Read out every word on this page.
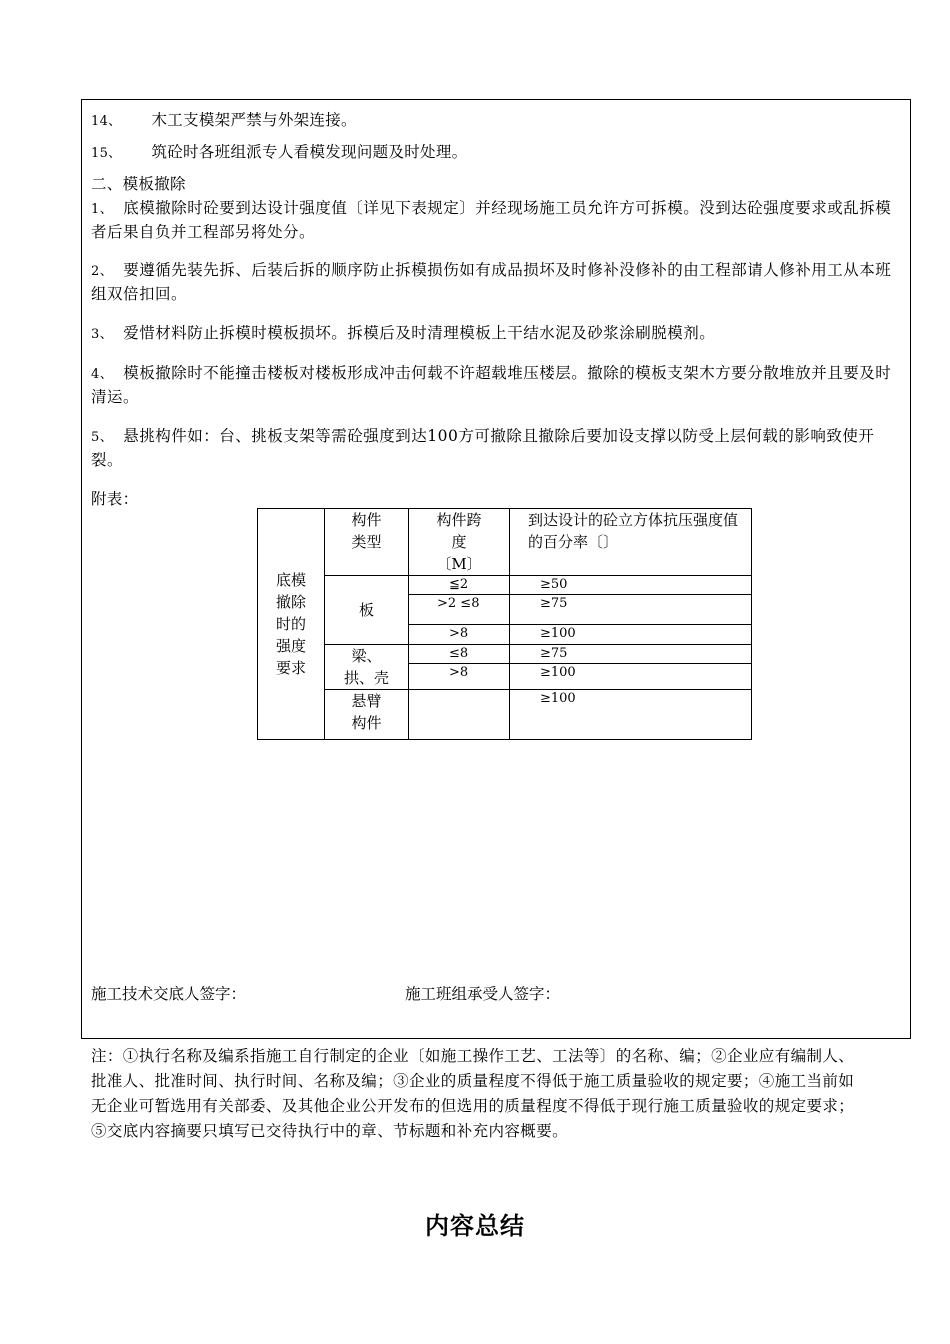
14、 木工支模架严禁与外架连接。
15、 筑砼时各班组派专人看模发现问题及时处理。
二、模板撤除
1、 底模撤除时砼要到达设计强度值〔详见下表规定〕并经现场施工员允许方可拆模。没到达砼强度要求或乱拆模者后果自负并工程部另将处分。
2、 要遵循先装先拆、后装后拆的顺序防止拆模损伤如有成品损坏及时修补没修补的由工程部请人修补用工从本班组双倍扣回。
3、 爱惜材料防止拆模时模板损坏。拆模后及时清理模板上干结水泥及砂浆涂刷脱模剂。
4、 模板撤除时不能撞击楼板对楼板形成冲击何载不许超载堆压楼层。撤除的模板支架木方要分散堆放并且要及时清运。
5、 悬挑构件如：台、挑板支架等需砼强度到达100方可撤除且撤除后要加设支撑以防受上层何载的影响致使开裂。
附表：
底模撤除时的强度要求	构件类型	构件跨度〔M〕	到达设计的砼立方体抗压强度值的百分率〔〕

	板	≦2	≥50

		>2 ≤8	≥75

		>8	≥100

	梁、拱、壳	≤8	≥75

		>8	≥100

	悬臂构件		≥100
施工技术交底人签字：	施工班组承受人签字：
注：①执行名称及编系指施工自行制定的企业〔如施工操作工艺、工法等〕的名称、编；②企业应有编制人、批准人、批准时间、执行时间、名称及编；③企业的质量程度不得低于施工质量验收的规定要；④施工当前如无企业可暂选用有关部委、及其他企业公开发布的但选用的质量程度不得低于现行施工质量验收的规定要求；⑤交底内容摘要只填写已交待执行中的章、节标题和补充内容概要。
内容总结
